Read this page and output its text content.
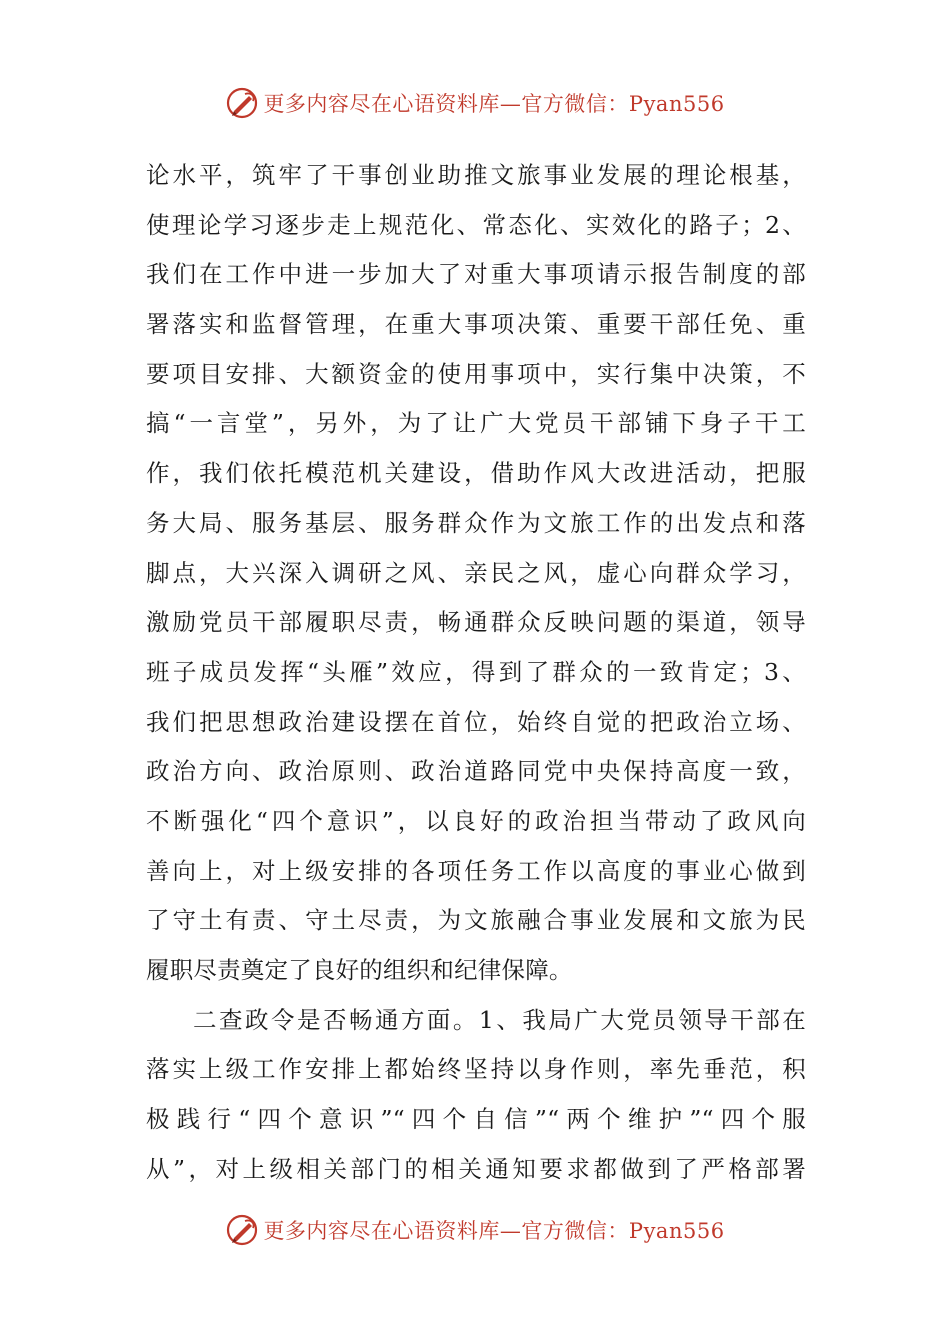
更多内容尽在心语资料库—官方微信：Pyan556
论水平，筑牢了干事创业助推文旅事业发展的理论根基，
使理论学习逐步走上规范化、常态化、实效化的路子；2、
我们在工作中进一步加大了对重大事项请示报告制度的部
署落实和监督管理，在重大事项决策、重要干部任免、重
要项目安排、大额资金的使用事项中，实行集中决策，不
搞“一言堂”，另外，为了让广大党员干部铺下身子干工
作，我们依托模范机关建设，借助作风大改进活动，把服
务大局、服务基层、服务群众作为文旅工作的出发点和落
脚点，大兴深入调研之风、亲民之风，虚心向群众学习，
激励党员干部履职尽责，畅通群众反映问题的渠道，领导
班子成员发挥“头雁”效应，得到了群众的一致肯定；3、
我们把思想政治建设摆在首位，始终自觉的把政治立场、
政治方向、政治原则、政治道路同党中央保持高度一致，
不断强化“四个意识”，以良好的政治担当带动了政风向
善向上，对上级安排的各项任务工作以高度的事业心做到
了守土有责、守土尽责，为文旅融合事业发展和文旅为民
履职尽责奠定了良好的组织和纪律保障。
二查政令是否畅通方面。1、我局广大党员领导干部在
落实上级工作安排上都始终坚持以身作则，率先垂范，积
极践行“四个意识”“四个自信”“两个维护”“四个服
从”，对上级相关部门的相关通知要求都做到了严格部署
更多内容尽在心语资料库—官方微信：Pyan556
